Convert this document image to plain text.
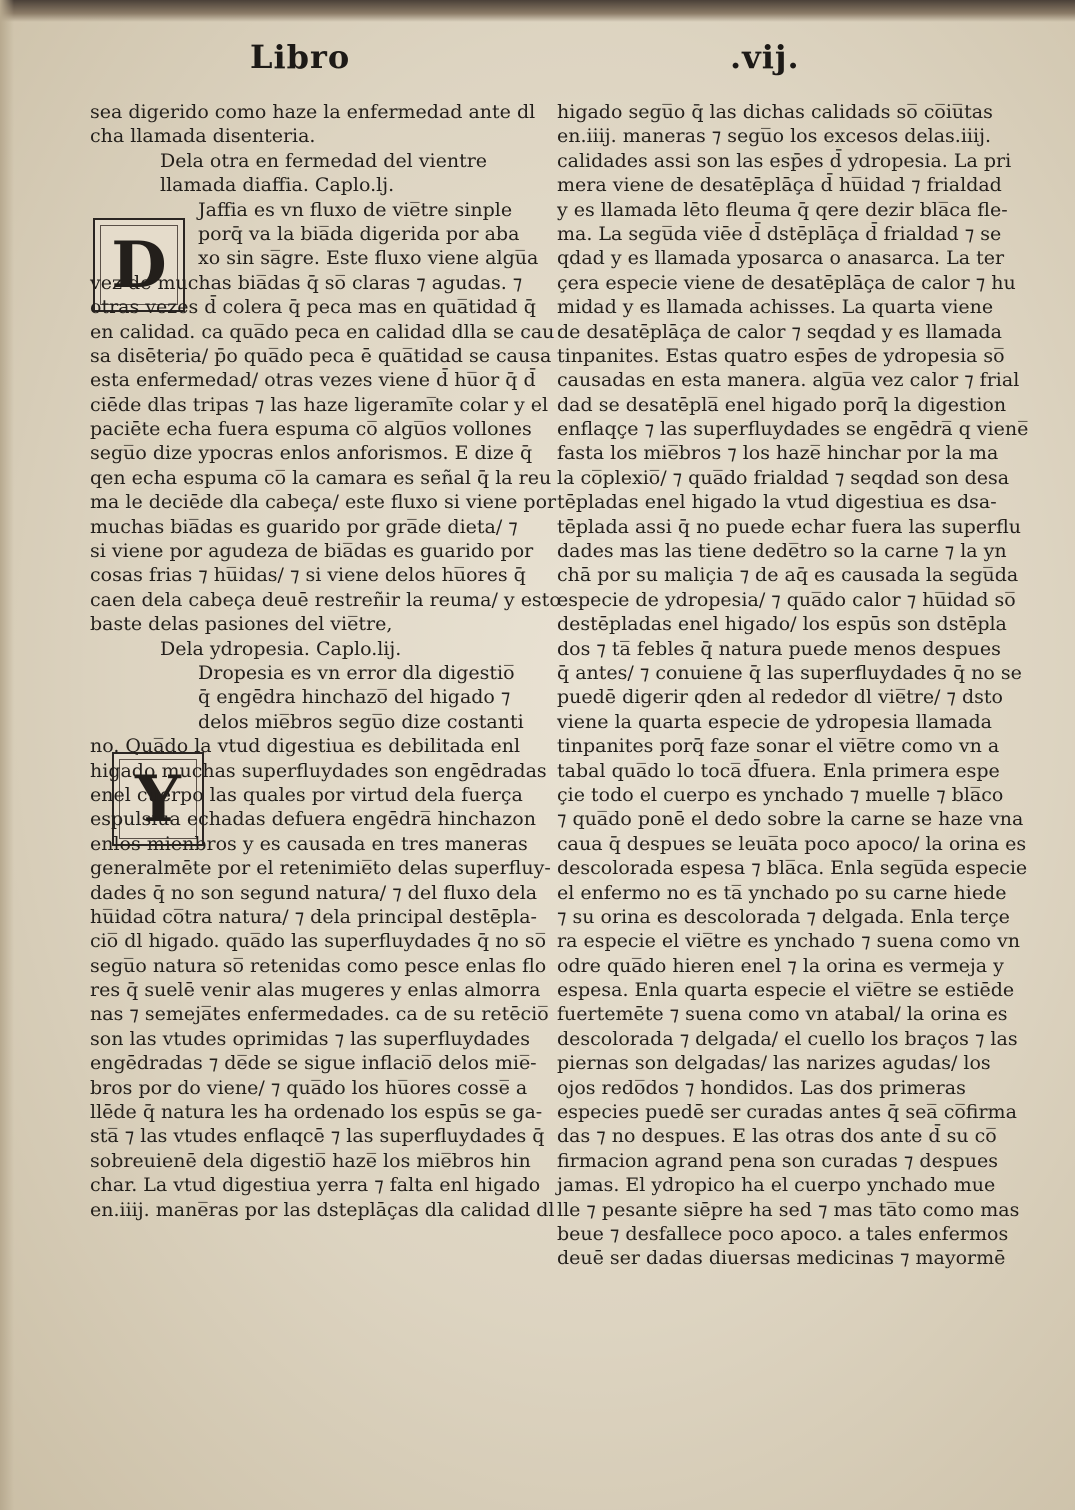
Libro	.vij.
D
Y
sea digerido como haze la enfermedad ante dl
cha llamada disenteria.
Dela otra en fermedad del vientre
llamada diaffia. Caplo.lj.
Jaffia es vn fluxo de vie̅tre sinple
porq̄ va la bia̅da digerida por aba
xo sin sa̅gre. Este fluxo viene algu̅a
vez de muchas bia̅das q̄ so̅ claras ⁊ agudas. ⁊
otras vezes d̄ colera q̄ peca mas en qua̅tidad q̄
en calidad. ca qua̅do peca en calidad dlla se cau
sa disēteria/ p̄o qua̅do peca ē qua̅tidad se causa
esta enfermedad/ otras vezes viene d̄ hu̅or q̄ d̄
ciēde dlas tripas ⁊ las haze ligerami̅te colar y el
paciēte echa fuera espuma co̅ algu̅os vollones
segu̅o dize ypocras enlos anforismos. E dize q̄
qen echa espuma co̅ la camara es señal q̄ la reu
ma le deciēde dla cabeça/ este fluxo si viene por
muchas bia̅das es guarido por gra̅de dieta/ ⁊
si viene por agudeza de bia̅das es guarido por
cosas frias ⁊ hu̅idas/ ⁊ si viene delos hu̅ores q̄
caen dela cabeça deuē restreñir la reuma/ y esto
baste delas pasiones del vie̅tre,
Dela ydropesia. Caplo.lij.
Dropesia es vn error dla digestio̅
q̄ engēdra hinchazo̅ del higado ⁊
delos mie̅bros segu̅o dize costanti
no. Qua̅do la vtud digestiua es debilitada enl
higado muchas superfluydades son engēdradas
enel cuerpo las quales por virtud dela fuerça
espulsiua echadas defuera engēdra̅ hinchazon
enlos mienbros y es causada en tres maneras
generalmēte por el retenimie̅to delas superfluy-
dades q̄ no son segund natura/ ⁊ del fluxo dela
hu̅idad co̅tra natura/ ⁊ dela principal destēpla-
cio̅ dl higado. qua̅do las superfluydades q̄ no so̅
segu̅o natura so̅ retenidas como pesce enlas flo
res q̄ suelē venir alas mugeres y enlas almorra
nas ⁊ semeja̅tes enfermedades. ca de su retēcio̅
son las vtudes oprimidas ⁊ las superfluydades
engēdradas ⁊ de̅de se sigue inflacio̅ delos mie̅-
bros por do viene/ ⁊ qua̅do los hu̅ores cosse̅ a
llēde q̄ natura les ha ordenado los espūs se ga-
sta̅ ⁊ las vtudes enflaqcē ⁊ las superfluydades q̄
sobreuienē dela digestio̅ haze̅ los mie̅bros hin
char. La vtud digestiua yerra ⁊ falta enl higado
en.iiij. mane̅ras por las dsteplāças dla calidad dl
higado segu̅o q̄ las dichas calidads so̅ co̅iu̅tas
en.iiij. maneras ⁊ segu̅o los excesos delas.iiij.
calidades assi son las esp̄es d̄ ydropesia. La pri
mera viene de desatēplāça d̄ hu̅idad ⁊ frialdad
y es llamada lēto fleuma q̄ qere dezir bla̅ca fle-
ma. La segu̅da viēe d̄ dstēplāça d̄ frialdad ⁊ se
qdad y es llamada yposarca o anasarca. La ter
çera especie viene de desatēplāça de calor ⁊ hu
midad y es llamada achisses. La quarta viene
de desatēplāça de calor ⁊ seqdad y es llamada
tinpanites. Estas quatro esp̄es de ydropesia so̅
causadas en esta manera. algu̅a vez calor ⁊ frial
dad se desatēpla̅ enel higado porq̄ la digestion
enflaqçe ⁊ las superfluydades se engēdra̅ q viene̅
fasta los mie̅bros ⁊ los haze̅ hinchar por la ma
la co̅plexio̅/ ⁊ qua̅do frialdad ⁊ seqdad son desa
tēpladas enel higado la vtud digestiua es dsa-
tēplada assi q̄ no puede echar fuera las superflu
dades mas las tiene dede̅tro so la carne ⁊ la yn
chā por su maliçia ⁊ de aq̄ es causada la segu̅da
especie de ydropesia/ ⁊ qua̅do calor ⁊ hu̅idad so̅
destēpladas enel higado/ los espūs son dstēpla
dos ⁊ ta̅ febles q̄ natura puede menos despues
q̄ antes/ ⁊ conuiene q̄ las superfluydades q̄ no se
puedē digerir qden al rededor dl vie̅tre/ ⁊ dsto
viene la quarta especie de ydropesia llamada
tinpanites porq̄ faze sonar el vie̅tre como vn a
tabal qua̅do lo toca̅ d̄fuera. Enla primera espe
çie todo el cuerpo es ynchado ⁊ muelle ⁊ bla̅co
⁊ qua̅do ponē el dedo sobre la carne se haze vna
caua q̄ despues se leua̅ta poco apoco/ la orina es
descolorada espesa ⁊ bla̅ca. Enla segu̅da especie
el enfermo no es ta̅ ynchado po su carne hiede
⁊ su orina es descolorada ⁊ delgada. Enla terçe
ra especie el vie̅tre es ynchado ⁊ suena como vn
odre qua̅do hieren enel ⁊ la orina es vermeja y
espesa. Enla quarta especie el vie̅tre se estiēde
fuertemēte ⁊ suena como vn atabal/ la orina es
descolorada ⁊ delgada/ el cuello los braços ⁊ las
piernas son delgadas/ las narizes agudas/ los
ojos redo̅dos ⁊ hondidos. Las dos primeras
especies puedē ser curadas antes q̄ sea̅ co̅firma
das ⁊ no despues. E las otras dos ante d̄ su co̅
firmacion agrand pena son curadas ⁊ despues
jamas. El ydropico ha el cuerpo ynchado mue
lle ⁊ pesante siēpre ha sed ⁊ mas ta̅to como mas
beue ⁊ desfallece poco apoco. a tales enfermos
deuē ser dadas diuersas medicinas ⁊ mayormē
